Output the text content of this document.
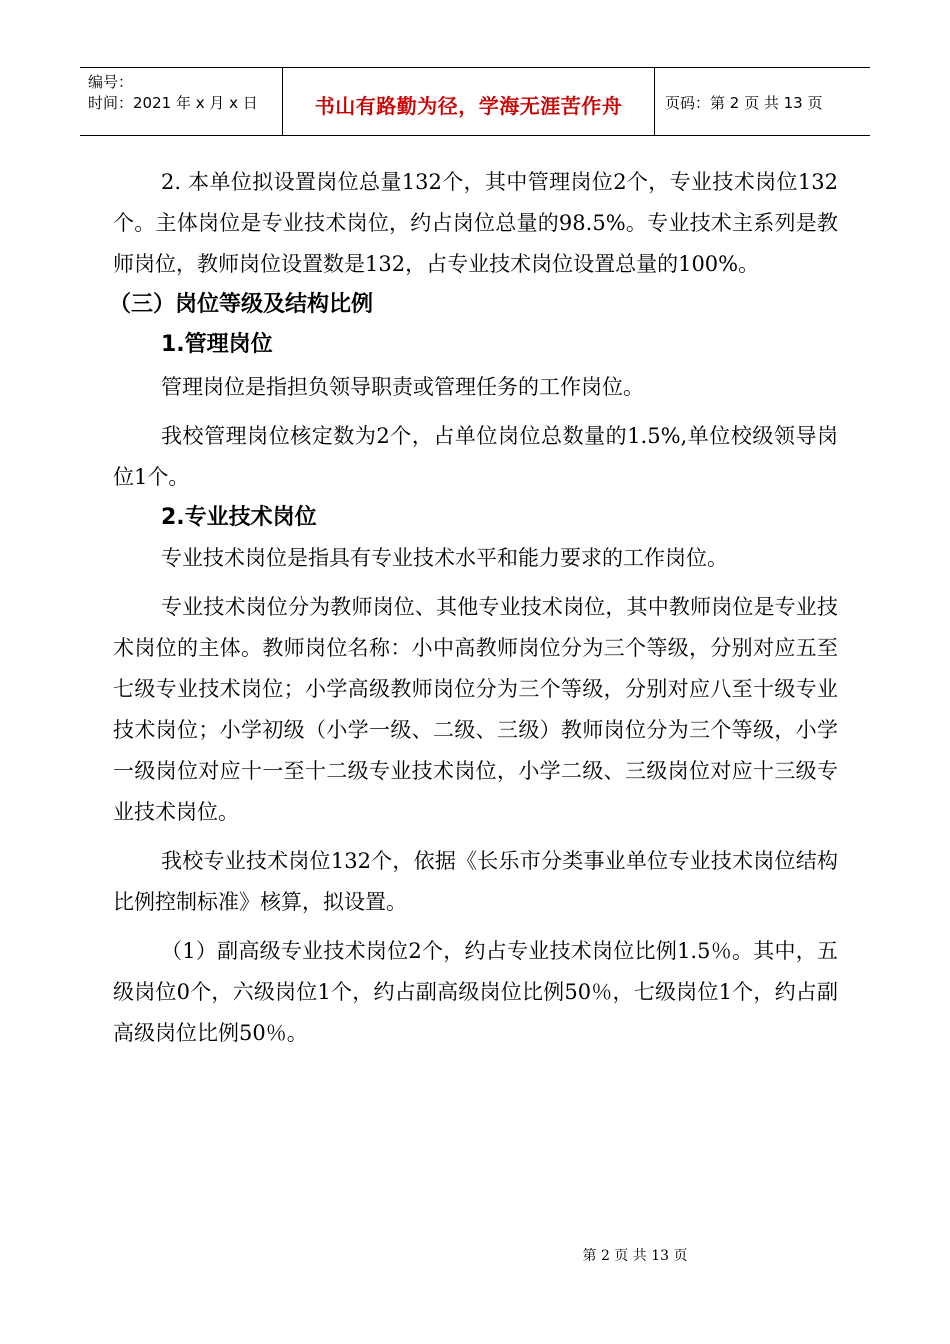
编号：
时间：2021 年 x 月 x 日	书山有路勤为径，学海无涯苦作舟	页码：第 2 页 共 13 页

2. 本单位拟设置岗位总量132个，其中管理岗位2个，专业技术岗位132个。主体岗位是专业技术岗位，约占岗位总量的98.5%。专业技术主系列是教师岗位，教师岗位设置数是132，占专业技术岗位设置总量的100%。

（三）岗位等级及结构比例

1.管理岗位

管理岗位是指担负领导职责或管理任务的工作岗位。

我校管理岗位核定数为2个，占单位岗位总数量的1.5%,单位校级领导岗位1个。

2.专业技术岗位

专业技术岗位是指具有专业技术水平和能力要求的工作岗位。

专业技术岗位分为教师岗位、其他专业技术岗位，其中教师岗位是专业技术岗位的主体。教师岗位名称：小中高教师岗位分为三个等级，分别对应五至七级专业技术岗位；小学高级教师岗位分为三个等级，分别对应八至十级专业技术岗位；小学初级（小学一级、二级、三级）教师岗位分为三个等级，小学一级岗位对应十一至十二级专业技术岗位，小学二级、三级岗位对应十三级专业技术岗位。

我校专业技术岗位132个，依据《长乐市分类事业单位专业技术岗位结构比例控制标准》核算，拟设置。

（1）副高级专业技术岗位2个，约占专业技术岗位比例1.5％。其中，五级岗位0个，六级岗位1个，约占副高级岗位比例50％，七级岗位1个，约占副高级岗位比例50％。

第 2 页 共 13 页
